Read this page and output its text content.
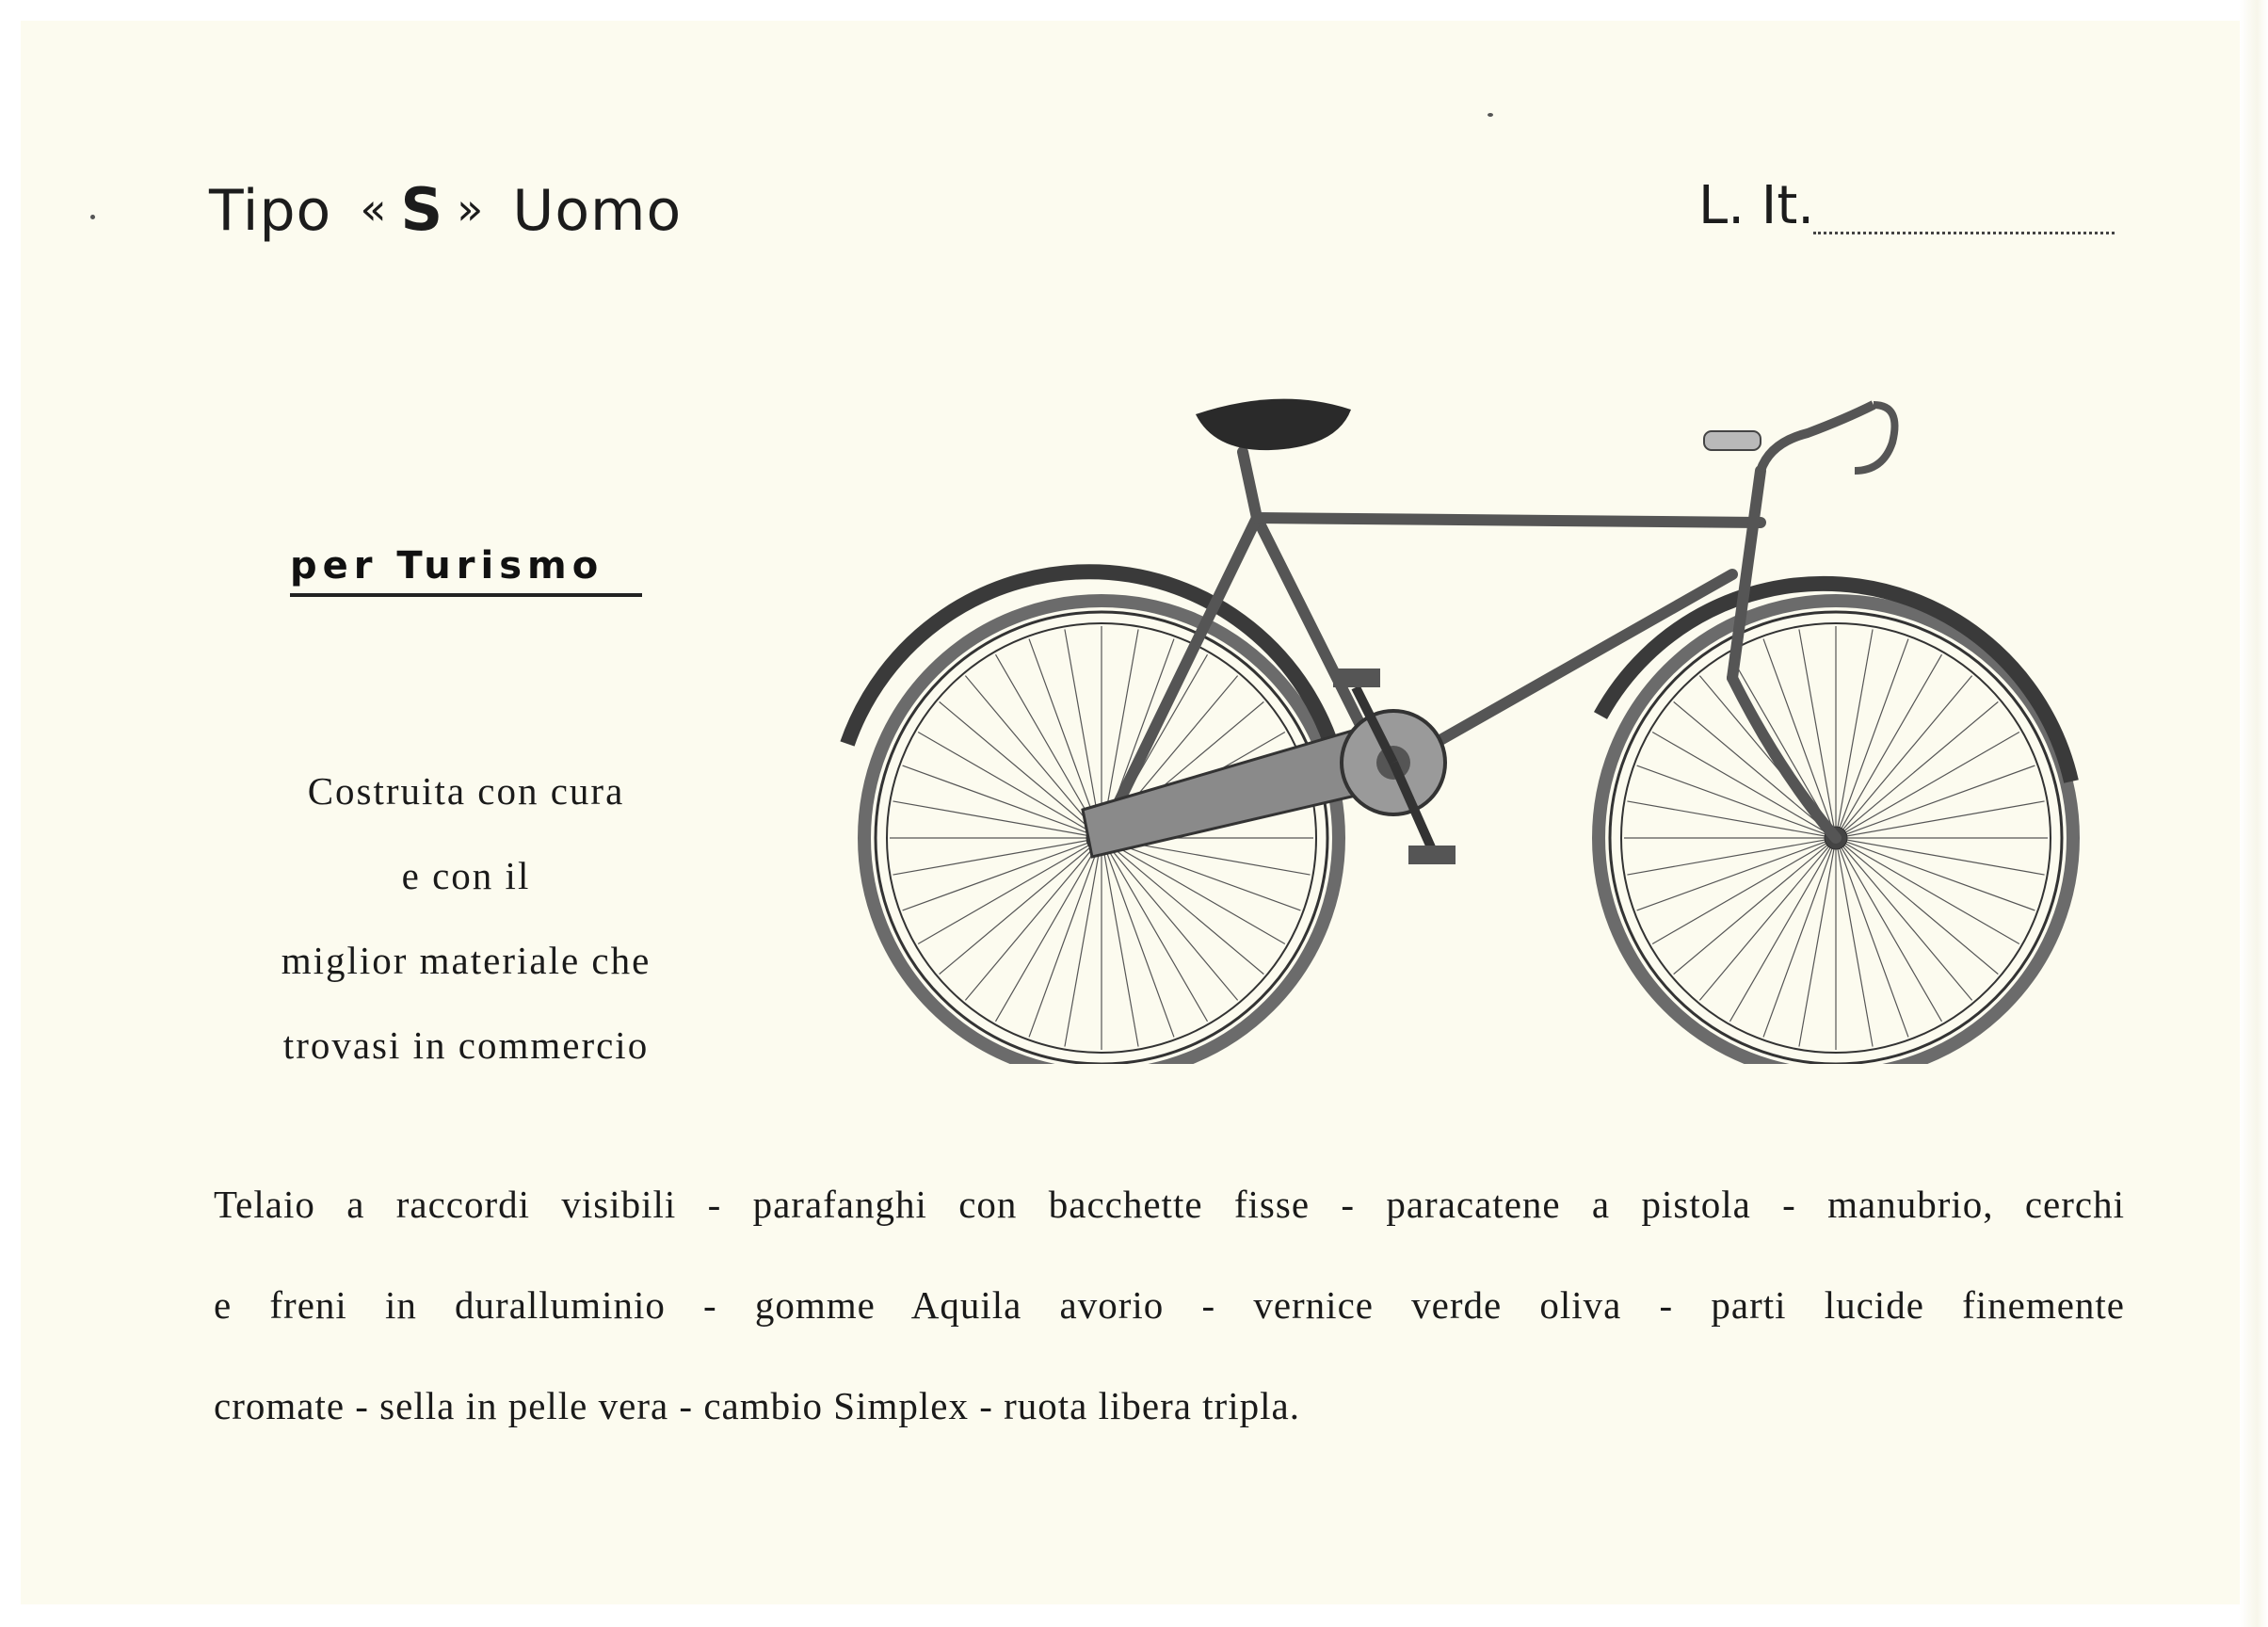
Tipo « S » Uomo	L. It.
per Turismo
Costruita con cura
e con il
miglior materiale che
trovasi in commercio
Telaio a raccordi visibili - parafanghi con bacchette fisse - paracatene a pistola - manubrio, cerchi
e freni in duralluminio - gomme Aquila avorio - vernice verde oliva - parti lucide finemente
cromate - sella in pelle vera - cambio Simplex - ruota libera tripla.
